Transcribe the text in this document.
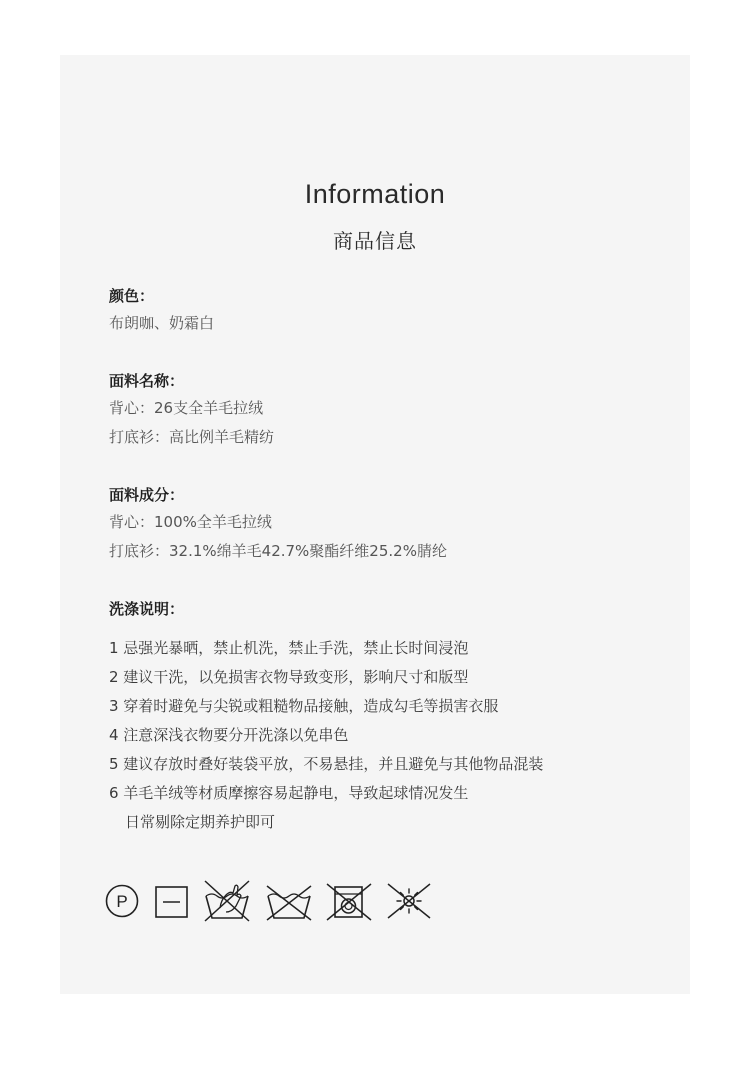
Information
商品信息
颜色：
布朗咖、奶霜白
面料名称：
背心：26支全羊毛拉绒
打底衫：高比例羊毛精纺
面料成分：
背心：100%全羊毛拉绒
打底衫：32.1%绵羊毛42.7%聚酯纤维25.2%腈纶
洗涤说明：
1 忌强光暴晒，禁止机洗，禁止手洗，禁止长时间浸泡
2 建议干洗，以免损害衣物导致变形，影响尺寸和版型
3 穿着时避免与尖锐或粗糙物品接触，造成勾毛等损害衣服
4 注意深浅衣物要分开洗涤以免串色
5 建议存放时叠好装袋平放，不易悬挂，并且避免与其他物品混装
6 羊毛羊绒等材质摩擦容易起静电，导致起球情况发生
日常剔除定期养护即可
P
